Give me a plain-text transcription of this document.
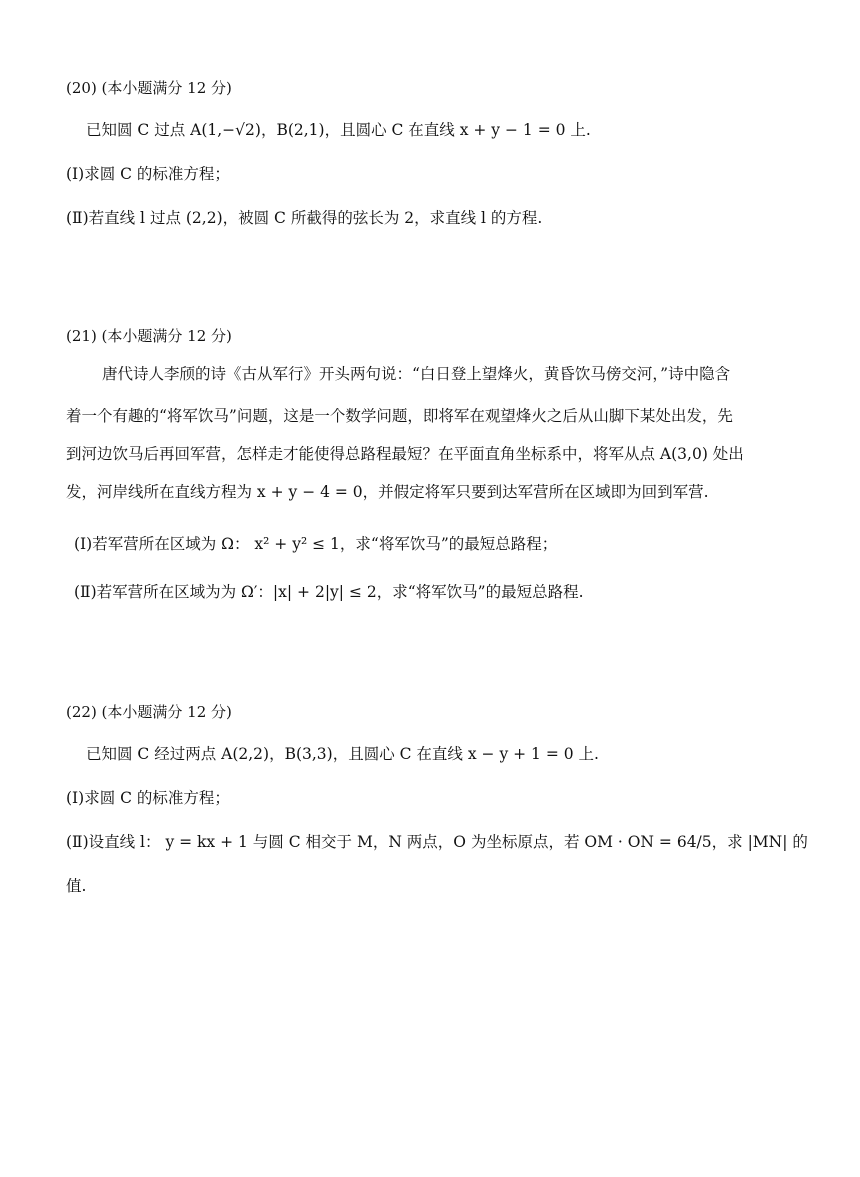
(20) (本小题满分 12 分)
已知圆 C 过点 A(1,−√2)，B(2,1)，且圆心 C 在直线 x + y − 1 = 0 上.
(Ⅰ)求圆 C 的标准方程；
(Ⅱ)若直线 l 过点 (2,2)，被圆 C 所截得的弦长为 2，求直线 l 的方程.
(21) (本小题满分 12 分)
唐代诗人李颀的诗《古从军行》开头两句说：“白日登上望烽火，黄昏饮马傍交河，”诗中隐含
着一个有趣的“将军饮马”问题，这是一个数学问题，即将军在观望烽火之后从山脚下某处出发，先
到河边饮马后再回军营，怎样走才能使得总路程最短？在平面直角坐标系中，将军从点 A(3,0) 处出
发，河岸线所在直线方程为 x + y − 4 = 0，并假定将军只要到达军营所在区域即为回到军营.
(Ⅰ)若军营所在区域为 Ω： x² + y² ≤ 1，求“将军饮马”的最短总路程；
(Ⅱ)若军营所在区域为为 Ω′：|x| + 2|y| ≤ 2，求“将军饮马”的最短总路程.
(22) (本小题满分 12 分)
已知圆 C 经过两点 A(2,2)，B(3,3)，且圆心 C 在直线 x − y + 1 = 0 上.
(Ⅰ)求圆 C 的标准方程；
(Ⅱ)设直线 l： y = kx + 1 与圆 C 相交于 M，N 两点，O 为坐标原点，若 OM · ON = 64/5，求 |MN| 的
值.
